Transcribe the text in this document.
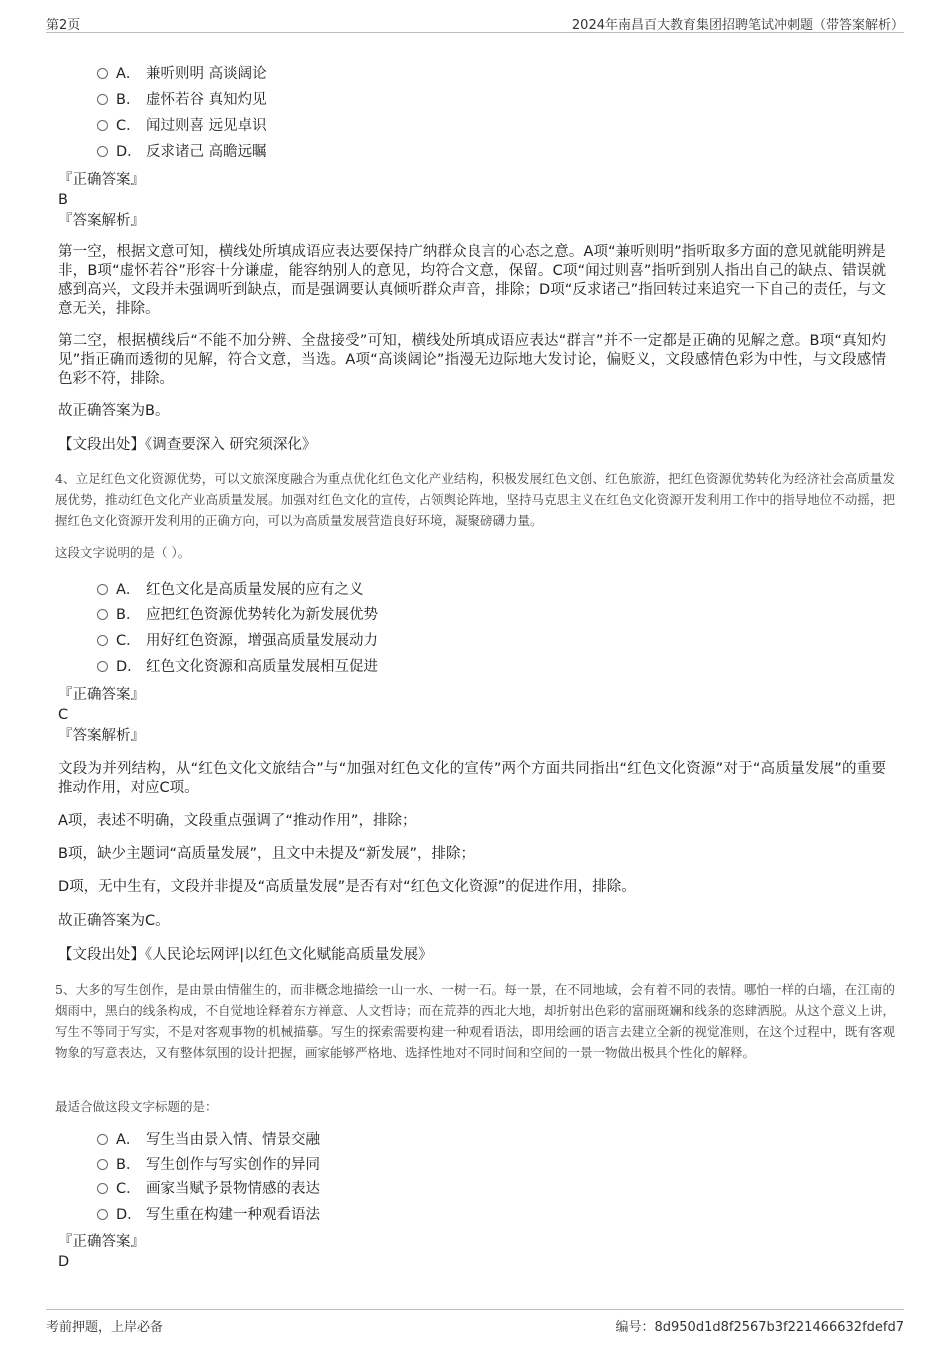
第2页	2024年南昌百大教育集团招聘笔试冲刺题（带答案解析）
A． 兼听则明 高谈阔论
B． 虚怀若谷 真知灼见
C． 闻过则喜 远见卓识
D． 反求诸己 高瞻远瞩
『正确答案』
B
『答案解析』

第一空，根据文意可知，横线处所填成语应表达要保持广纳群众良言的心态之意。A项“兼听则明”指听取多方面的意见就能明辨是非，B项“虚怀若谷”形容十分谦虚，能容纳别人的意见，均符合文意，保留。C项“闻过则喜”指听到别人指出自己的缺点、错误就感到高兴，文段并未强调听到缺点，而是强调要认真倾听群众声音，排除；D项“反求诸己”指回转过来追究一下自己的责任，与文意无关，排除。

第二空，根据横线后“不能不加分辨、全盘接受”可知，横线处所填成语应表达“群言”并不一定都是正确的见解之意。B项“真知灼见”指正确而透彻的见解，符合文意，当选。A项“高谈阔论”指漫无边际地大发讨论，偏贬义，文段感情色彩为中性，与文段感情色彩不符，排除。

故正确答案为B。

【文段出处】《调查要深入 研究须深化》

4、立足红色文化资源优势，可以文旅深度融合为重点优化红色文化产业结构，积极发展红色文创、红色旅游，把红色资源优势转化为经济社会高质量发展优势，推动红色文化产业高质量发展。加强对红色文化的宣传，占领舆论阵地，坚持马克思主义在红色文化资源开发利用工作中的指导地位不动摇，把握红色文化资源开发利用的正确方向，可以为高质量发展营造良好环境，凝聚磅礴力量。

这段文字说明的是（ ）。
A． 红色文化是高质量发展的应有之义
B． 应把红色资源优势转化为新发展优势
C． 用好红色资源，增强高质量发展动力
D． 红色文化资源和高质量发展相互促进
『正确答案』
C
『答案解析』

文段为并列结构，从“红色文化文旅结合”与“加强对红色文化的宣传”两个方面共同指出“红色文化资源”对于“高质量发展”的重要推动作用，对应C项。

A项，表述不明确，文段重点强调了“推动作用”，排除；

B项，缺少主题词“高质量发展”，且文中未提及“新发展”，排除；

D项，无中生有，文段并非提及“高质量发展”是否有对“红色文化资源”的促进作用，排除。

故正确答案为C。

【文段出处】《人民论坛网评|以红色文化赋能高质量发展》

5、大多的写生创作，是由景由情催生的，而非概念地描绘一山一水、一树一石。每一景，在不同地域，会有着不同的表情。哪怕一样的白墙，在江南的烟雨中，黑白的线条构成，不自觉地诠释着东方禅意、人文哲诗；而在荒莽的西北大地，却折射出色彩的富丽斑斓和线条的恣肆洒脱。从这个意义上讲，写生不等同于写实，不是对客观事物的机械描摹。写生的探索需要构建一种观看语法，即用绘画的语言去建立全新的视觉准则，在这个过程中，既有客观物象的写意表达，又有整体氛围的设计把握，画家能够严格地、选择性地对不同时间和空间的一景一物做出极具个性化的解释。

最适合做这段文字标题的是：
A． 写生当由景入情、情景交融
B． 写生创作与写实创作的异同
C． 画家当赋予景物情感的表达
D． 写生重在构建一种观看语法
『正确答案』
D
考前押题，上岸必备	编号：8d950d1d8f2567b3f221466632fdefd7
